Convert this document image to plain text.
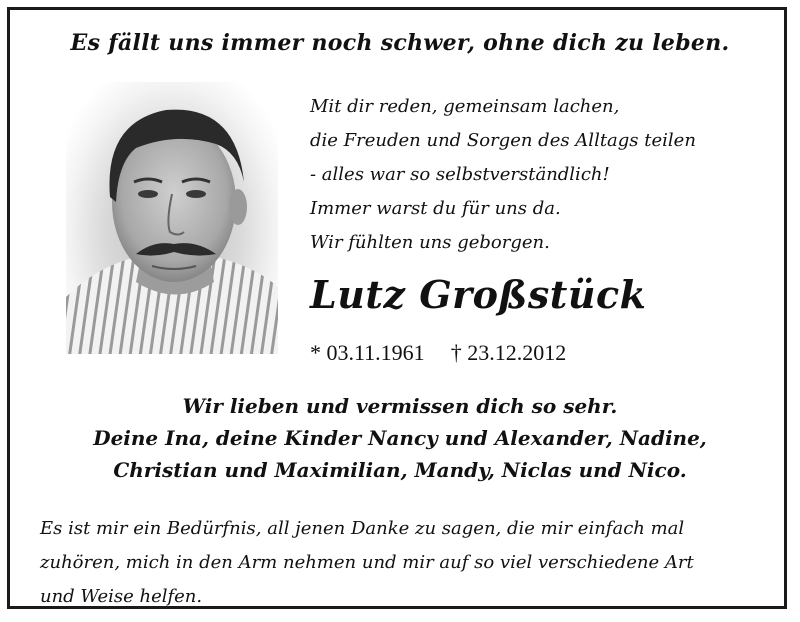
Es fällt uns immer noch schwer, ohne dich zu leben.
Mit dir reden, gemeinsam lachen,
die Freuden und Sorgen des Alltags teilen
- alles war so selbstverständlich!
Immer warst du für uns da.
Wir fühlten uns geborgen.
Lutz Großstück
* 03.11.1961 † 23.12.2012
Wir lieben und vermissen dich so sehr.
Deine Ina, deine Kinder Nancy und Alexander, Nadine,
Christian und Maximilian, Mandy, Niclas und Nico.
Es ist mir ein Bedürfnis, all jenen Danke zu sagen, die mir einfach mal
zuhören, mich in den Arm nehmen und mir auf so viel verschiedene Art
und Weise helfen.
